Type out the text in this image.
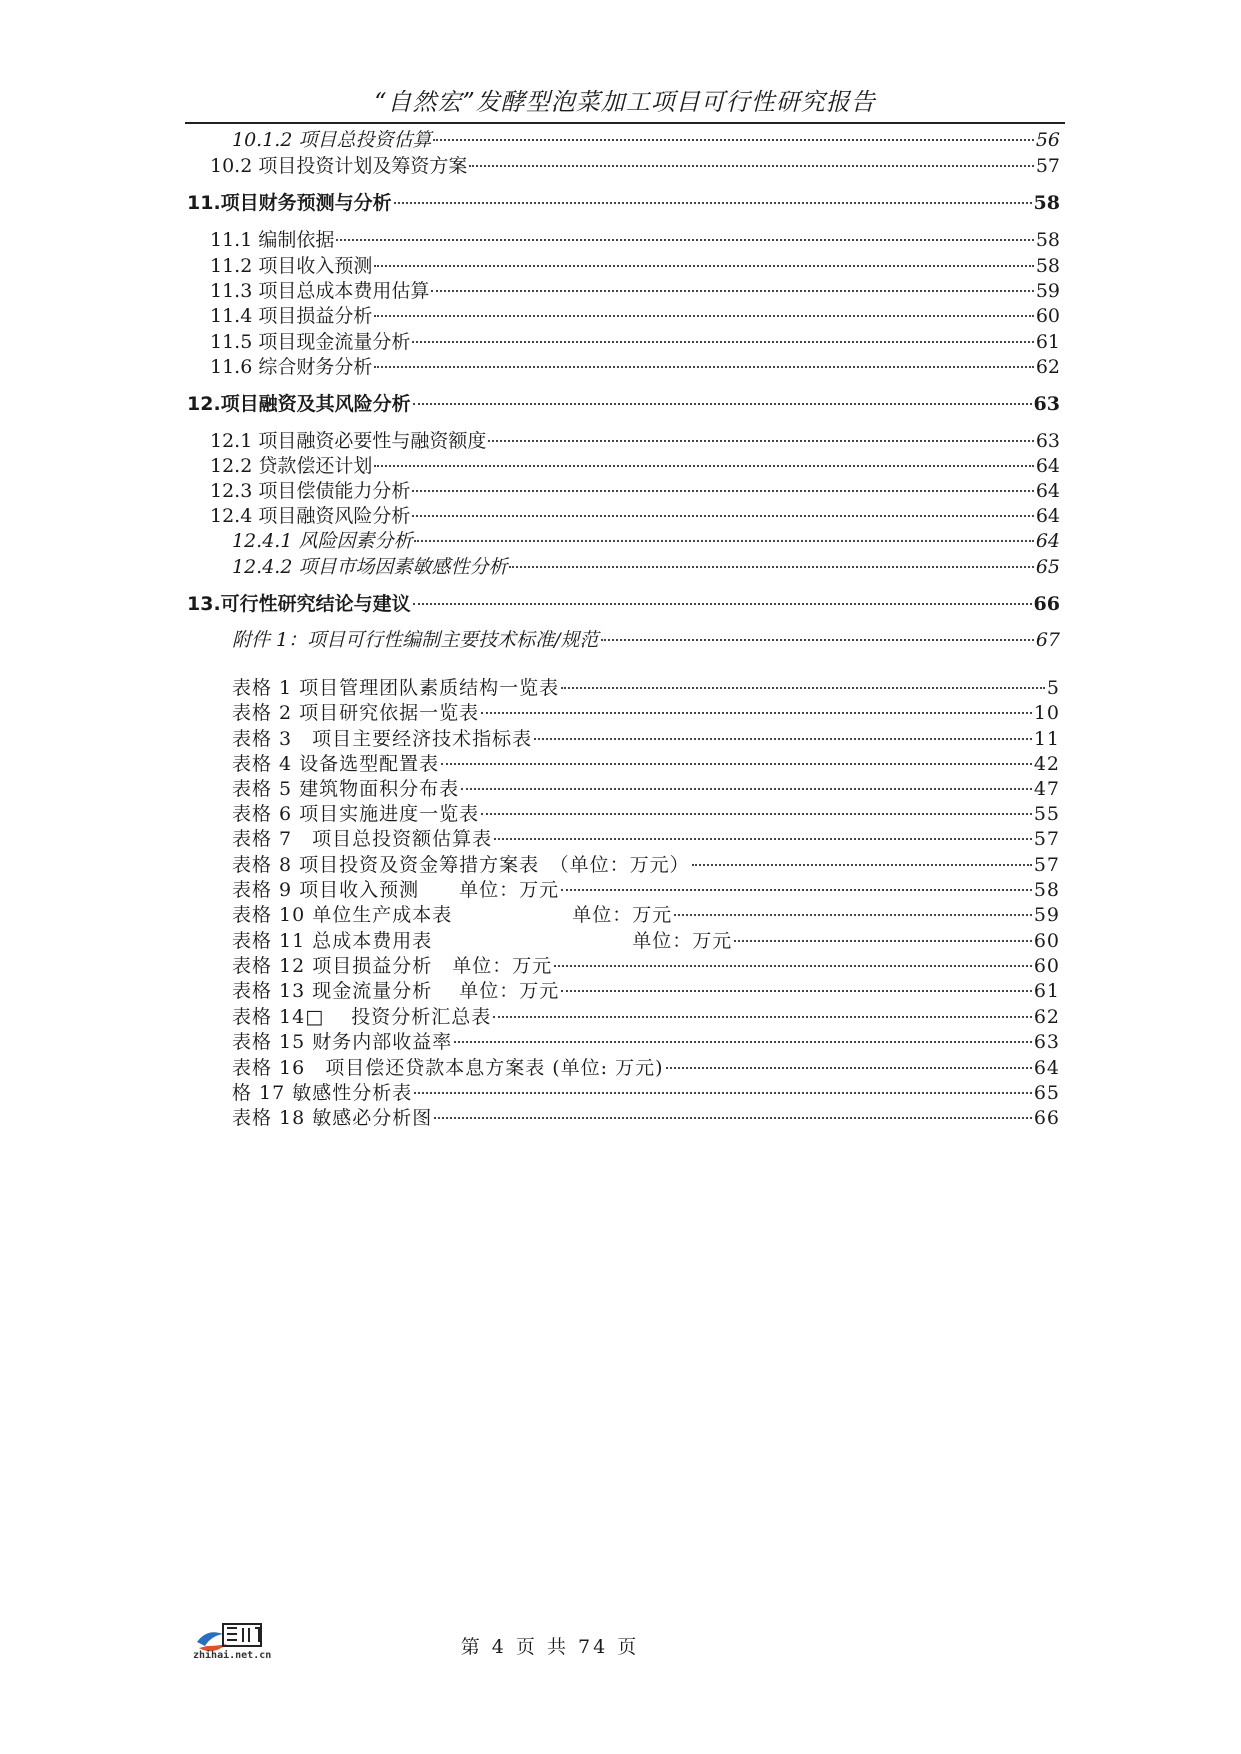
“自然宏”发酵型泡菜加工项目可行性研究报告
10.1.2 项目总投资估算	56
10.2 项目投资计划及筹资方案	57
11.项目财务预测与分析	58
11.1 编制依据	58
11.2 项目收入预测	58
11.3 项目总成本费用估算	59
11.4 项目损益分析	60
11.5 项目现金流量分析	61
11.6 综合财务分析	62
12.项目融资及其风险分析	63
12.1 项目融资必要性与融资额度	63
12.2 贷款偿还计划	64
12.3 项目偿债能力分析	64
12.4 项目融资风险分析	64
12.4.1 风险因素分析	64
12.4.2 项目市场因素敏感性分析	65
13.可行性研究结论与建议	66
附件 1：项目可行性编制主要技术标准/规范	67
表格 1 项目管理团队素质结构一览表	5
表格 2 项目研究依据一览表	10
表格 3　项目主要经济技术指标表	11
表格 4 设备选型配置表	42
表格 5 建筑物面积分布表	47
表格 6 项目实施进度一览表	55
表格 7　项目总投资额估算表	57
表格 8 项目投资及资金筹措方案表　（单位：万元）	57
表格 9 项目收入预测　　单位：万元	58
表格 10 单位生产成本表　　　　　　单位：万元	59
表格 11 总成本费用表　　　　　　　　　　单位：万元	60
表格 12 项目损益分析　单位：万元	60
表格 13 现金流量分析　 单位：万元	61
表格 14□　 投资分析汇总表	62
表格 15 财务内部收益率	63
表格 16　项目偿还贷款本息方案表 (单位: 万元)	64
格 17 敏感性分析表	65
表格 18 敏感必分析图	66
zhihai.net.cn	第 4 页 共 74 页
